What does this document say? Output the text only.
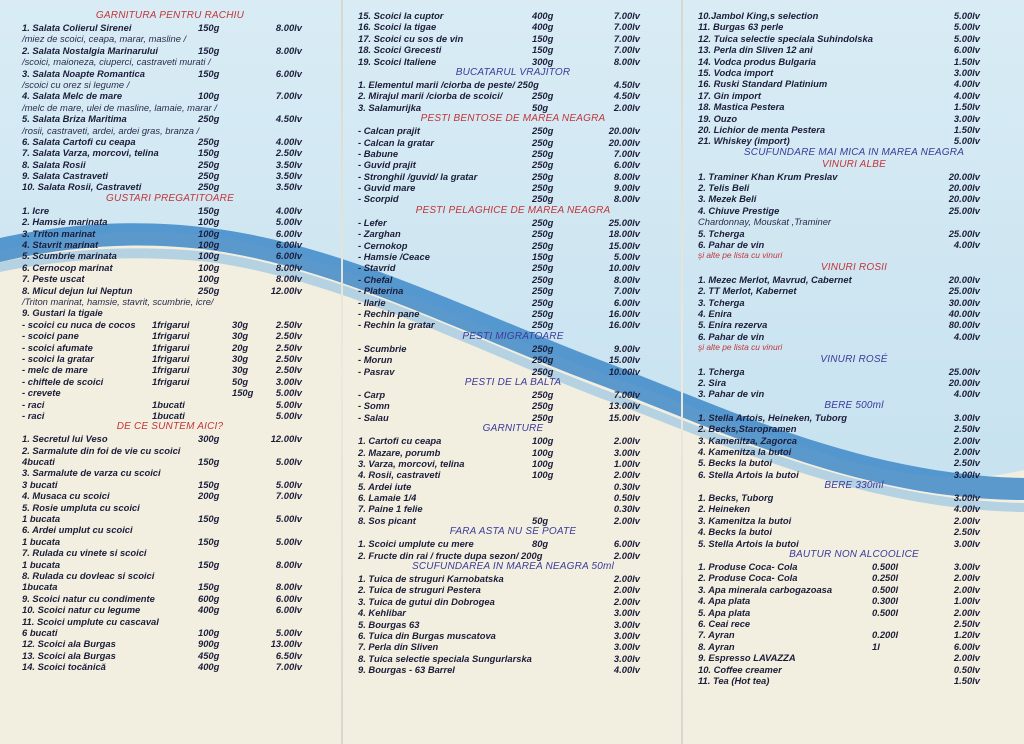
GARNITURA PENTRU RACHIU
1. Salata Colierul Sirenei	150g	8.00lv
/miez de scoici, ceapa, marar, masline /
2. Salata Nostalgia Marinarului	150g	8.00lv
/scoici, maioneza, ciuperci, castraveti murati /
3. Salata Noapte Romantica	150g	6.00lv
/scoici cu orez si legume /
4. Salata Melc de mare	100g	7.00lv
/melc de mare, ulei de masline, lamaie, marar /
5. Salata Briza Maritima	250g	4.50lv
/rosii, castraveti, ardei, ardei gras, branza /
6. Salata Cartofi cu ceapa	250g	4.00lv
7. Salata Varza, morcovi, telina	150g	2.50lv
8. Salata Rosii	250g	3.50lv
9. Salata Castraveti	250g	3.50lv
10. Salata Rosii, Castraveti	250g	3.50lv
GUSTARI PREGATITOARE
1. Icre	150g	4.00lv
2. Hamsie marinata	100g	5.00lv
3. Triton marinat	100g	6.00lv
4. Stavrit marinat	100g	6.00lv
5. Scumbrie marinata	100g	6.00lv
6. Cernocop marinat	100g	8.00lv
7. Peste uscat	100g	8.00lv
8. Micul dejun lui Neptun	250g	12.00lv
/Triton marinat, hamsie, stavrit, scumbrie, icre/
9. Gustari la tigaie
- scoici cu nuca de cocos 1frigarui	30g	2.50lv
- scoici pane	1frigarui	30g	2.50lv
- scoici afumate	1frigarui	20g	2.50lv
- scoici la gratar	1frigarui	30g	2.50lv
- melc de mare	1frigarui	30g	2.50lv
- chiftele de scoici	1frigarui	50g	3.00lv
- crevete	150g 5.00lv
- raci	1bucati	5.00lv
- raci	1bucati	5.00lv
DE CE SUNTEM AICI?
1. Secretul lui Veso	300g	12.00lv
2. Sarmalute din foi de vie cu scoici
4bucati	150g	5.00lv
3. Sarmalute de varza cu scoici
3 bucati	150g	5.00lv
4. Musaca cu scoici	200g	7.00lv
5. Rosie umpluta cu scoici
1 bucata	150g	5.00lv
6. Ardei umplut cu scoici
1 bucata	150g	5.00lv
7. Rulada cu vinete si scoici
1 bucata	150g	8.00lv
8. Rulada cu dovleac si scoici
1bucata	150g	8.00lv
9. Scoici natur cu condimente	600g	6.00lv
10. Scoici natur cu legume	400g	6.00lv
11. Scoici umplute cu cascaval
6 bucati	100g	5.00lv
12. Scoici ala Burgas	900g	13.00lv
13. Scoici ala Burgas	450g	6.50lv
14. Scoici tocănică	400g	7.00lv
15. Scoici la cuptor	400g	7.00lv
16. Scoici la tigae	400g	7.00lv
17. Scoici cu sos de vin	150g	7.00lv
18. Scoici Grecesti	150g	7.00lv
19. Scoici Italiene	300g	8.00lv
BUCATARUL VRAJITOR
1. Elementul marii /ciorba de peste/ 250g	4.50lv
2. Mirajul marii /ciorba de scoici/	250g	4.50lv
3. Salamurijka	50g	2.00lv
PESTI BENTOSE DE MAREA NEAGRA
- Calcan prajit	250g	20.00lv
- Calcan la gratar	250g	20.00lv
- Babune	250g	7.00lv
- Guvid prajit	250g	6.00lv
- Stronghil /guvid/ la gratar	250g	8.00lv
- Guvid mare	250g	9.00lv
- Scorpid	250g	8.00lv
PESTI PELAGHICE DE MAREA NEAGRA
- Lefer	250g	25.00lv
- Zarghan	250g	18.00lv
- Cernokop	250g	15.00lv
- Hamsie /Ceace	150g	5.00lv
- Stavrid	250g	10.00lv
- Chefal	250g	8.00lv
- Platerina	250g	7.00lv
- Ilarie	250g	6.00lv
- Rechin pane	250g	16.00lv
- Rechin la gratar	250g	16.00lv
PESTI MIGRATOARE
- Scumbrie	250g	9.00lv
- Morun	250g	15.00lv
- Pasrav	250g	10.00lv
PESTI DE LA BALTA
- Carp	250g	7.00lv
- Somn	250g	13.00lv
- Salau	250g	15.00lv
GARNITURE
1. Cartofi cu ceapa	100g	2.00lv
2. Mazare, porumb	100g	3.00lv
3. Varza, morcovi, telina	100g	1.00lv
4. Rosii, castraveti	100g	2.00lv
5. Ardei iute	0.30lv
6. Lamaie 1/4	0.50lv
7. Paine 1 felie	0.30lv
8. Sos picant	50g	2.00lv
FARA ASTA NU SE POATE
1. Scoici umplute cu mere	80g	6.00lv
2. Fructe din rai / fructe dupa sezon/ 200g	2.00lv
SCUFUNDAREA IN MAREA NEAGRA 50ml
1. Tuica de struguri Karnobatska	2.00lv
2. Tuica de struguri Pestera	2.00lv
3. Tuica de gutui din Dobrogea	2.00lv
4. Kehlibar	3.00lv
5. Bourgas 63	3.00lv
6. Tuica din Burgas muscatova	3.00lv
7. Perla din Sliven	3.00lv
8. Tuica selectie speciala Sungurlarska	3.00lv
9. Bourgas - 63 Barrel	4.00lv
10.Jambol King,s selection	5.00lv
11. Burgas 63 perle	5.00lv
12. Tuica selectie speciala Suhindolska	5.00lv
13. Perla din Sliven 12 ani	6.00lv
14. Vodca produs Bulgaria	1.50lv
15. Vodca import	3.00lv
16. Ruski Standard Platinium	4.00lv
17. Gin import	4.00lv
18. Mastica Pestera	1.50lv
19. Ouzo	3.00lv
20. Lichior de menta Pestera	1.50lv
21. Whiskey (import)	5.00lv
SCUFUNDARE MAI MICA IN MAREA NEAGRA
VINURI ALBE
1. Traminer Khan Krum Preslav	20.00lv
2. Telis Beli	20.00lv
3. Mezek Beli	20.00lv
4. Chiuve Prestige	25.00lv
Chardonnay, Mouskat ,Traminer
5. Tcherga	25.00lv
6. Pahar de vin	4.00lv
şi alte pe lista cu vinuri
VINURI ROSII
1. Mezec Merlot, Mavrud, Cabernet	20.00lv
2. TT Merlot, Kabernet	25.00lv
3. Tcherga	30.00lv
4. Enira	40.00lv
5. Enira rezerva	80.00lv
6. Pahar de vin	4.00lv
şi alte pe lista cu vinuri
VINURI ROSÉ
1. Tcherga	25.00lv
2. Sira	20.00lv
3. Pahar de vin	4.00lv
BERE 500ml
1. Stella Artois, Heineken, Tuborg	3.00lv
2. Becks,Staropramen	2.50lv
3. Kamenitza, Zagorca	2.00lv
4. Kamenitza la butoi	2.00lv
5. Becks la butoi	2.50lv
6. Stella Artois la butoi	3.00lv
BERE 330ml
1. Becks, Tuborg	3.00lv
2. Heineken	4.00lv
3. Kamenitza la butoi	2.00lv
4. Becks la butoi	2.50lv
5. Stella Artois la butoi	3.00lv
BAUTUR NON ALCOOLICE
1. Produse Coca- Cola	0.500l	3.00lv
2. Produse Coca- Cola	0.250l	2.00lv
3. Apa minerala carbogazoasa	0.500l	2.00lv
4. Apa plata	0.300l	1.00lv
5. Apa plata	0.500l	2.00lv
6. Ceai rece	2.50lv
7. Ayran	0.200l	1.20lv
8. Ayran	1l	6.00lv
9. Espresso LAVAZZA	2.00lv
10. Coffee creamer	0.50lv
11. Tea (Hot tea)	1.50lv
